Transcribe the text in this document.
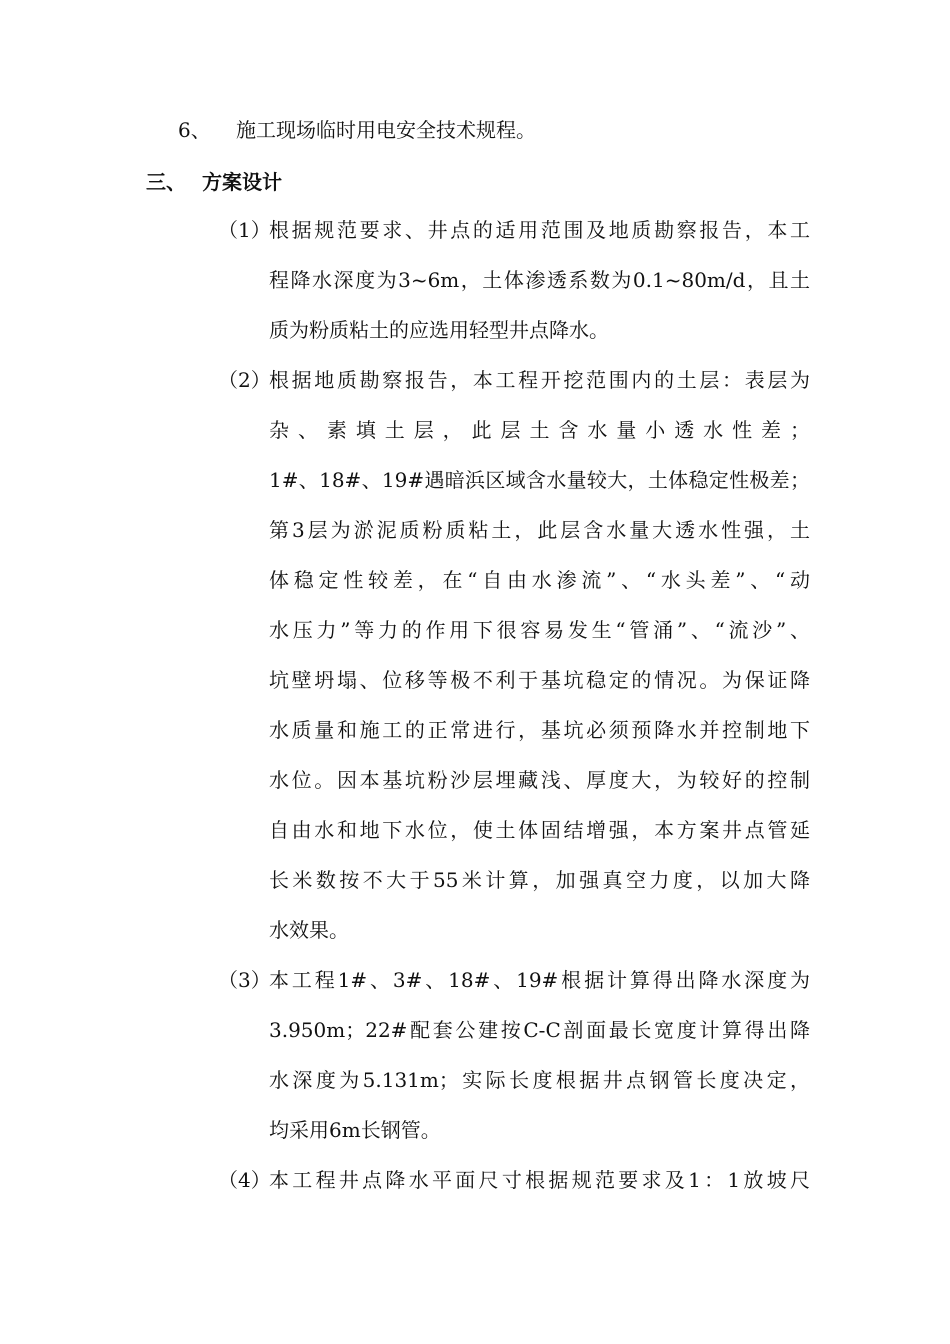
6、 施工现场临时用电安全技术规程。
三、 方案设计
（1）
根据规范要求、井点的适用范围及地质勘察报告，本工
程降水深度为3~6m，土体渗透系数为0.1~80m/d，且土
质为粉质粘土的应选用轻型井点降水。
（2）
根据地质勘察报告，本工程开挖范围内的土层：表层为
杂、素填土层，此层土含水量小透水性差；
1#、18#、19#遇暗浜区域含水量较大，土体稳定性极差；
第3层为淤泥质粉质粘土，此层含水量大透水性强，土
体稳定性较差，在“自由水渗流”、“水头差”、“动
水压力”等力的作用下很容易发生“管涌”、“流沙”、
坑壁坍塌、位移等极不利于基坑稳定的情况。为保证降
水质量和施工的正常进行，基坑必须预降水并控制地下
水位。因本基坑粉沙层埋藏浅、厚度大，为较好的控制
自由水和地下水位，使土体固结增强，本方案井点管延
长米数按不大于55米计算，加强真空力度，以加大降
水效果。
（3）
本工程1#、3#、18#、19#根据计算得出降水深度为
3.950m；22#配套公建按C-C剖面最长宽度计算得出降
水深度为5.131m；实际长度根据井点钢管长度决定，
均采用6m长钢管。
（4）
本工程井点降水平面尺寸根据规范要求及1：1放坡尺
